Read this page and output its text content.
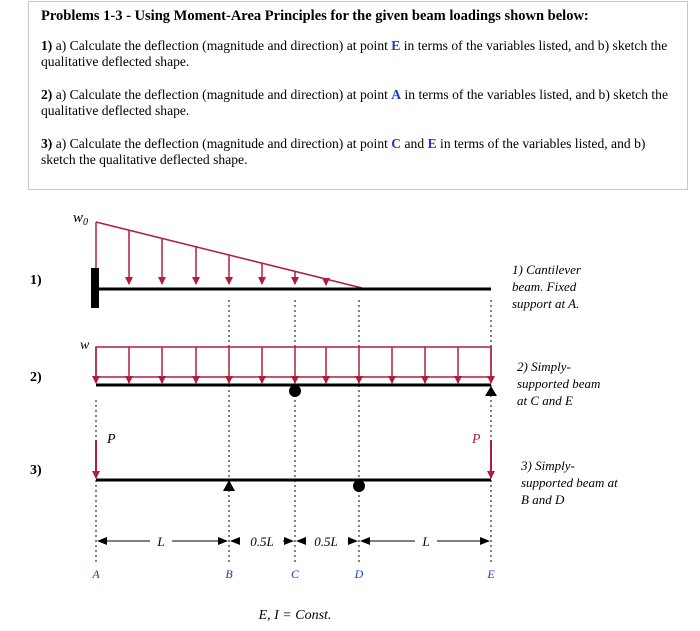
Problems 1-3 - Using Moment-Area Principles for the given beam loadings shown below:
1) a) Calculate the deflection (magnitude and direction) at point E in terms of the variables listed, and b) sketch the qualitative deflected shape.
2) a) Calculate the deflection (magnitude and direction) at point A in terms of the variables listed, and b) sketch the qualitative deflected shape.
3) a) Calculate the deflection (magnitude and direction) at point C and E in terms of the variables listed, and b) sketch the qualitative deflected shape.
1)
$w_0$
2)
w
3)
P	P
L	0.5L	0.5L	L
A	B	C	D	E
1) Cantilever
beam. Fixed
support at A.
2) Simply-
supported beam
at C and E
3) Simply-
supported beam at
B and D
E, I = Const.
